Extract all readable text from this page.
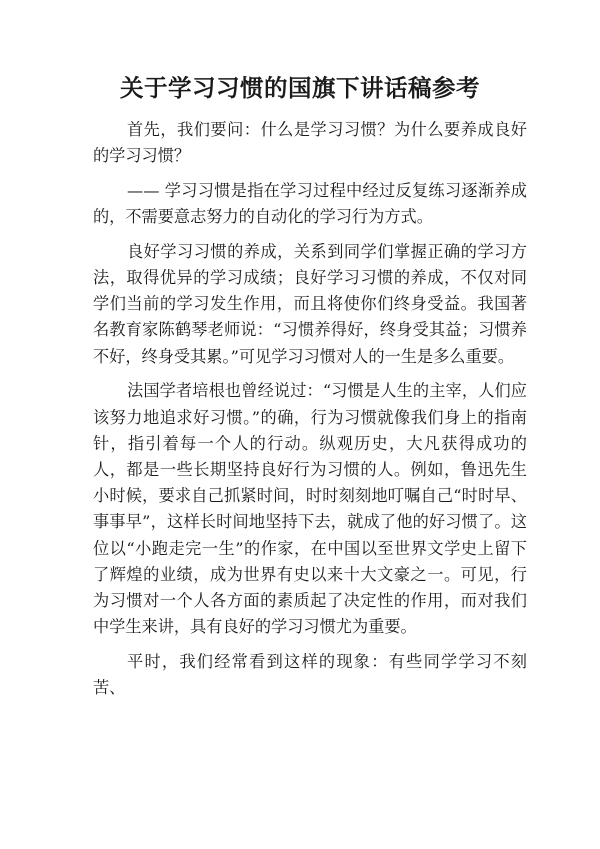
关于学习习惯的国旗下讲话稿参考

首先，我们要问：什么是学习习惯？为什么要养成良好的学习习惯？

—— 学习习惯是指在学习过程中经过反复练习逐渐养成的，不需要意志努力的自动化的学习行为方式。

良好学习习惯的养成，关系到同学们掌握正确的学习方法，取得优异的学习成绩；良好学习习惯的养成，不仅对同学们当前的学习发生作用，而且将使你们终身受益。我国著名教育家陈鹤琴老师说：“习惯养得好，终身受其益；习惯养不好，终身受其累。”可见学习习惯对人的一生是多么重要。

法国学者培根也曾经说过：“习惯是人生的主宰，人们应该努力地追求好习惯。”的确，行为习惯就像我们身上的指南针，指引着每一个人的行动。纵观历史，大凡获得成功的人，都是一些长期坚持良好行为习惯的人。例如，鲁迅先生小时候，要求自己抓紧时间，时时刻刻地叮嘱自己“时时早、事事早”，这样长时间地坚持下去，就成了他的好习惯了。这位以“小跑走完一生”的作家，在中国以至世界文学史上留下了辉煌的业绩，成为世界有史以来十大文豪之一。可见，行为习惯对一个人各方面的素质起了决定性的作用，而对我们中学生来讲，具有良好的学习习惯尤为重要。

平时，我们经常看到这样的现象：有些同学学习不刻苦、
